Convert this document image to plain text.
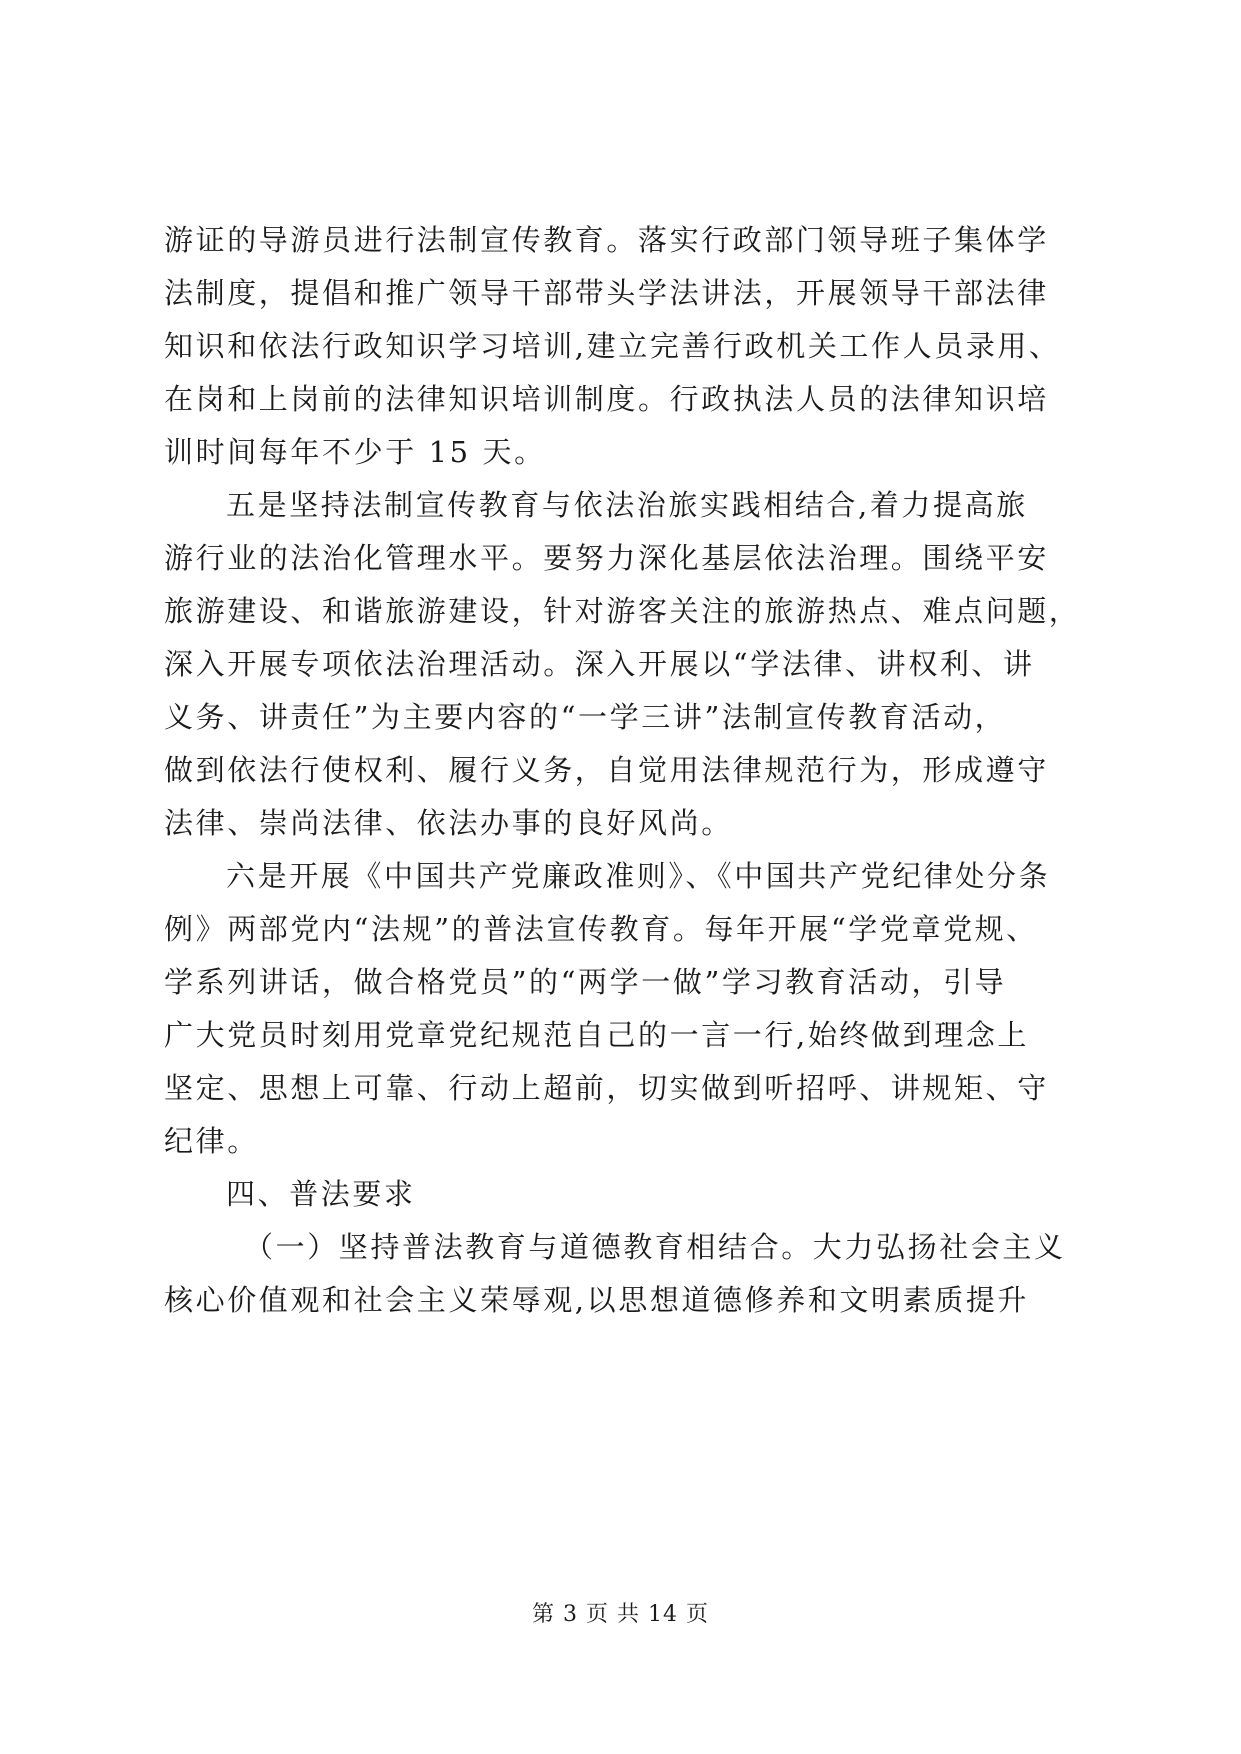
游证的导游员进行法制宣传教育。落实行政部门领导班子集体学
法制度，提倡和推广领导干部带头学法讲法，开展领导干部法律
知识和依法行政知识学习培训,建立完善行政机关工作人员录用、
在岗和上岗前的法律知识培训制度。行政执法人员的法律知识培
训时间每年不少于 15 天。
五是坚持法制宣传教育与依法治旅实践相结合,着力提高旅
游行业的法治化管理水平。要努力深化基层依法治理。围绕平安
旅游建设、和谐旅游建设，针对游客关注的旅游热点、难点问题，
深入开展专项依法治理活动。深入开展以“学法律、讲权利、讲
义务、讲责任”为主要内容的“一学三讲”法制宣传教育活动，
做到依法行使权利、履行义务，自觉用法律规范行为，形成遵守
法律、崇尚法律、依法办事的良好风尚。
六是开展《中国共产党廉政准则》、《中国共产党纪律处分条
例》两部党内“法规”的普法宣传教育。每年开展“学党章党规、
学系列讲话，做合格党员”的“两学一做”学习教育活动，引导
广大党员时刻用党章党纪规范自己的一言一行,始终做到理念上
坚定、思想上可靠、行动上超前，切实做到听招呼、讲规矩、守
纪律。
四、普法要求
（一）坚持普法教育与道德教育相结合。大力弘扬社会主义
核心价值观和社会主义荣辱观,以思想道德修养和文明素质提升
第 3 页 共 14 页
